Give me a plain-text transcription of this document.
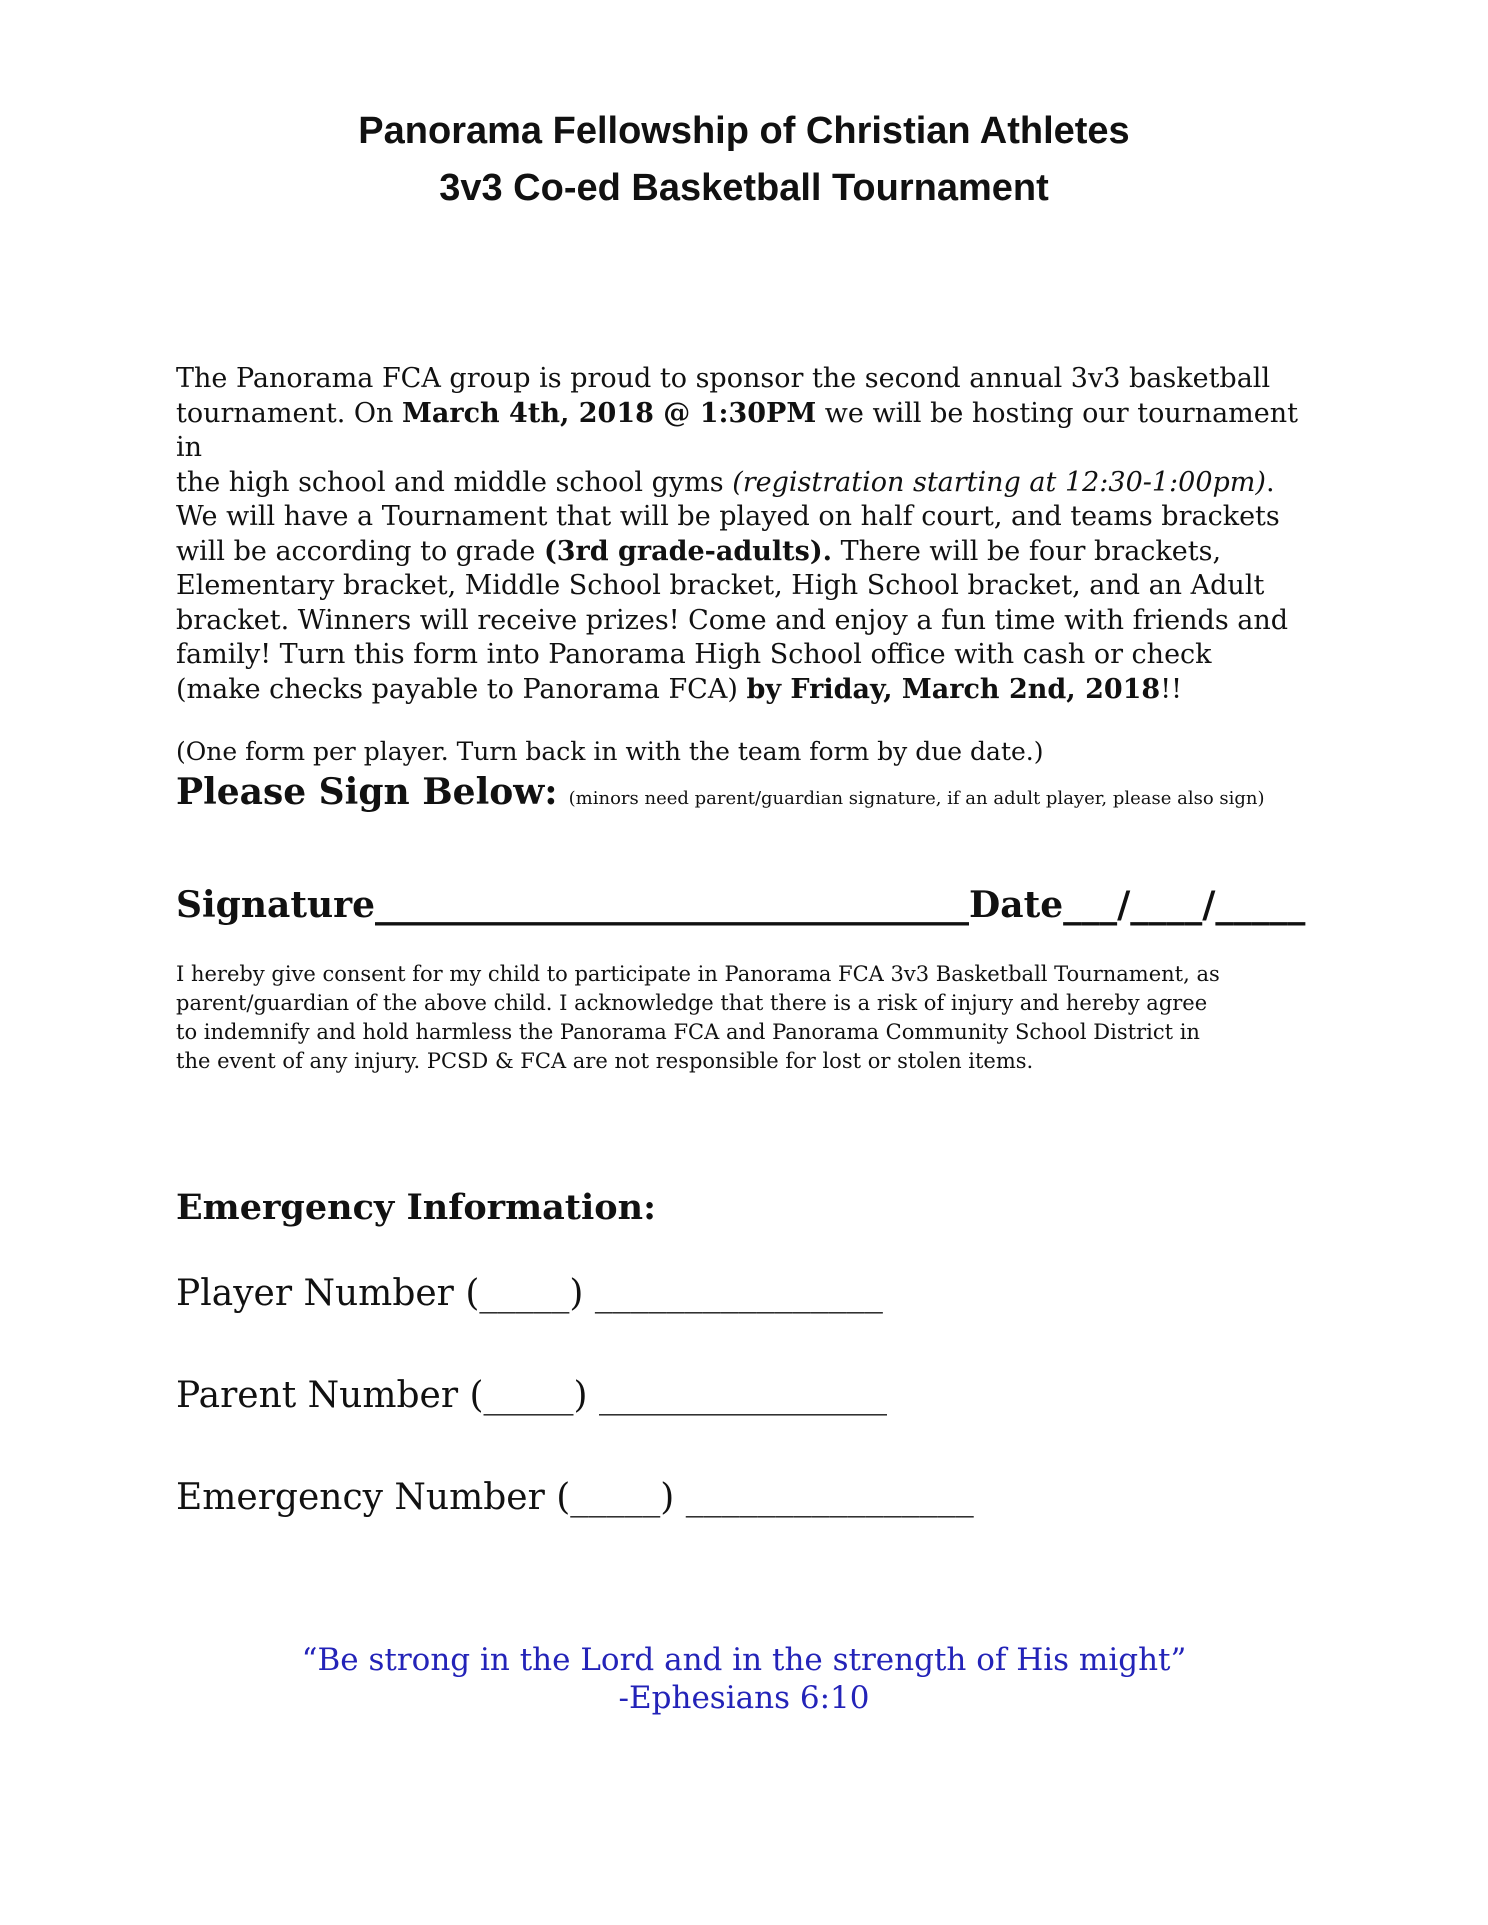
Panorama Fellowship of Christian Athletes
3v3 Co-ed Basketball Tournament
The Panorama FCA group is proud to sponsor the second annual 3v3 basketball
tournament. On March 4th, 2018 @ 1:30PM we will be hosting our tournament in
the high school and middle school gyms (registration starting at 12:30-1:00pm).
We will have a Tournament that will be played on half court, and teams brackets
will be according to grade (3rd grade-adults). There will be four brackets,
Elementary bracket, Middle School bracket, High School bracket, and an Adult
bracket. Winners will receive prizes! Come and enjoy a fun time with friends and
family! Turn this form into Panorama High School office with cash or check
(make checks payable to Panorama FCA) by Friday, March 2nd, 2018!!
(One form per player. Turn back in with the team form by due date.)
Please Sign Below: (minors need parent/guardian signature, if an adult player, please also sign)
Signature_________________________________Date___/____/_____
I hereby give consent for my child to participate in Panorama FCA 3v3 Basketball Tournament, as
parent/guardian of the above child. I acknowledge that there is a risk of injury and hereby agree
to indemnify and hold harmless the Panorama FCA and Panorama Community School District in
the event of any injury. PCSD & FCA are not responsible for lost or stolen items.
Emergency Information:
Player Number (_____) ________________
Parent Number (_____) ________________
Emergency Number (_____) ________________
“Be strong in the Lord and in the strength of His might”
-Ephesians 6:10
